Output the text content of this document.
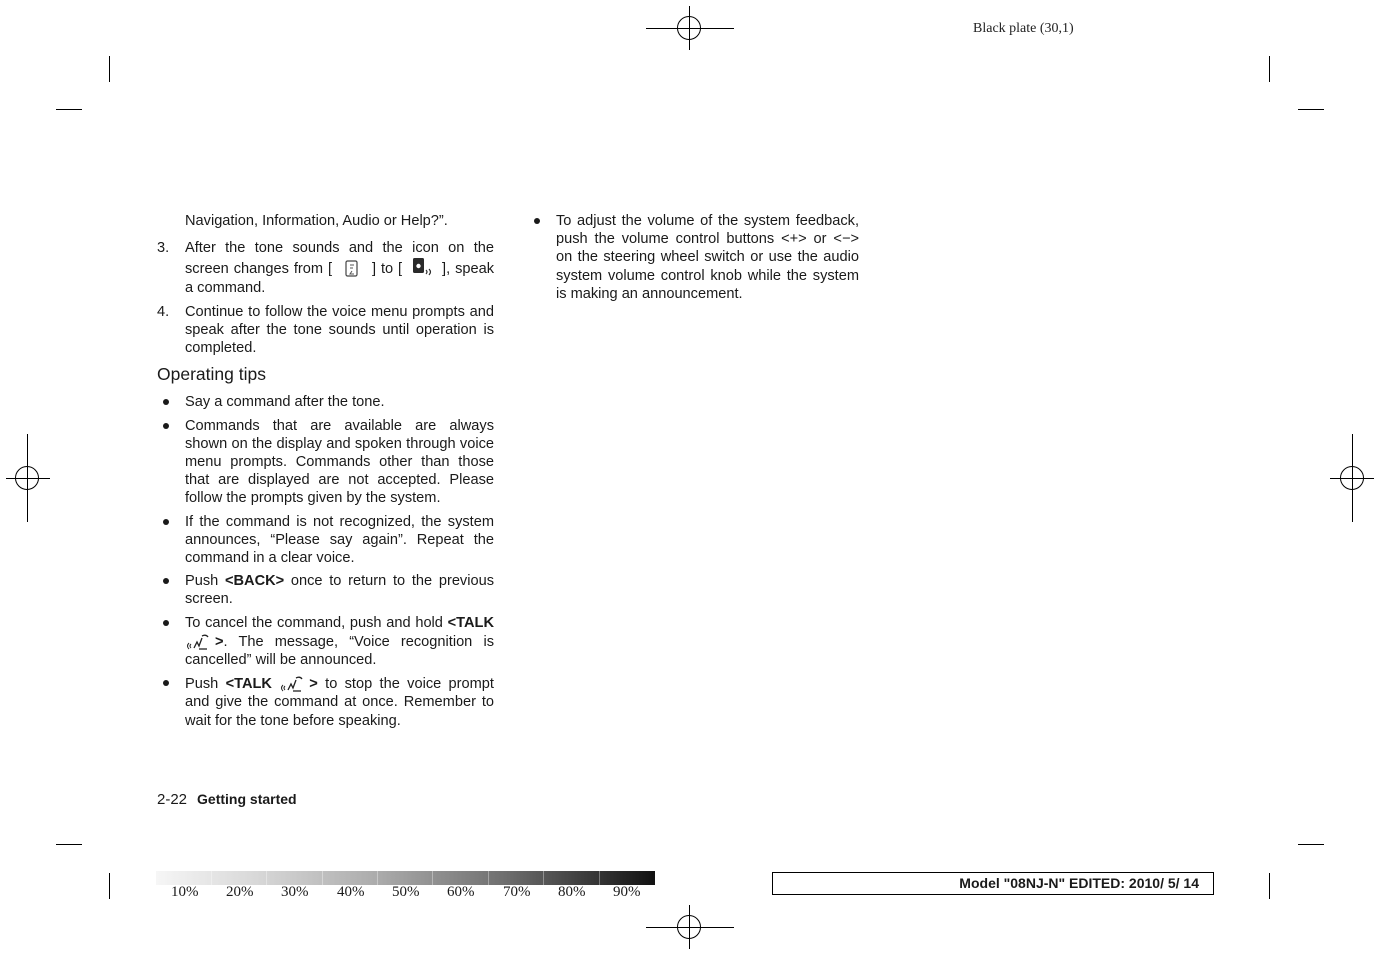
Black plate (30,1)
Navigation, Information, Audio or Help?”.
3.	After the tone sounds and the icon on the screen changes from [	] to [	], speak a command.
4.	Continue to follow the voice menu prompts and speak after the tone sounds until operation is completed.
Operating tips
Say a command after the tone.
Commands that are available are always shown on the display and spoken through voice menu prompts. Commands other than those that are displayed are not accepted. Please follow the prompts given by the system.
If the command is not recognized, the system announces, “Please say again”. Repeat the command in a clear voice.
Push <BACK> once to return to the previous screen.
To cancel the command, push and hold <TALK >. The message, “Voice recognition is cancelled” will be announced.
Push <TALK	> to stop the voice prompt and give the command at once. Remember to wait for the tone before speaking.
To adjust the volume of the system feedback, push the volume control buttons <+> or <−> on the steering wheel switch or use the audio system volume control knob while the system is making an announcement.
2-22 Getting started
10% 20% 30% 40% 50% 60% 70% 80% 90%
Model "08NJ-N" EDITED: 2010/ 5/ 14
